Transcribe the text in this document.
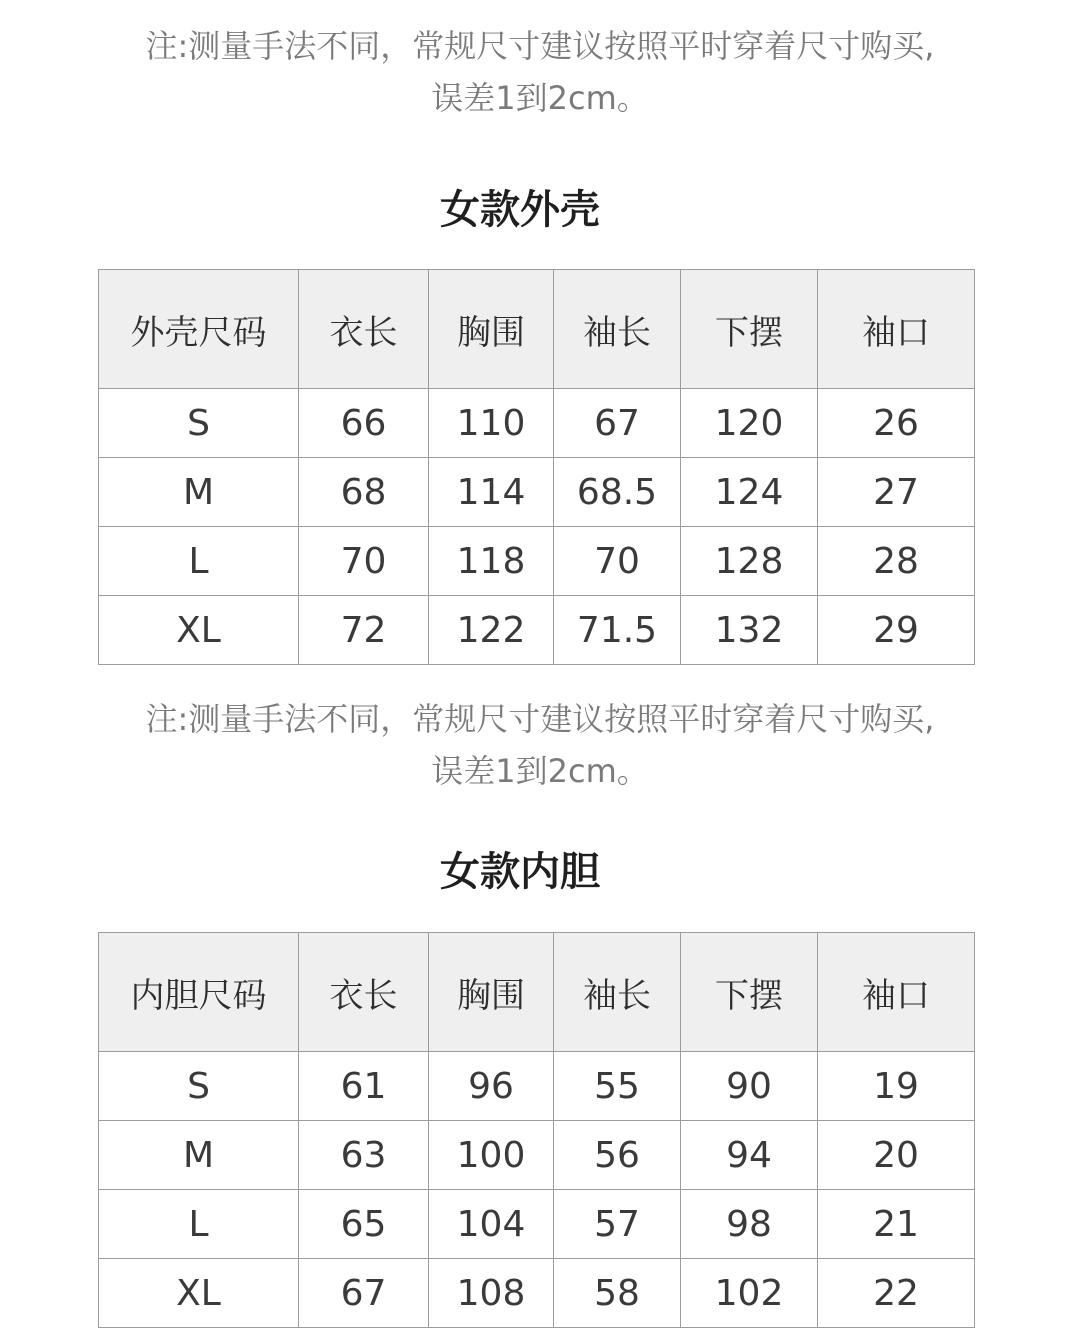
注:测量手法不同，常规尺寸建议按照平时穿着尺寸购买,
误差1到2cm。
女款外壳
外壳尺码	衣长	胸围	袖长	下摆	袖口
S	66	110	67	120	26
M	68	114	68.5	124	27
L	70	118	70	128	28
XL	72	122	71.5	132	29
注:测量手法不同，常规尺寸建议按照平时穿着尺寸购买,
误差1到2cm。
女款内胆
内胆尺码	衣长	胸围	袖长	下摆	袖口
S	61	96	55	90	19
M	63	100	56	94	20
L	65	104	57	98	21
XL	67	108	58	102	22
